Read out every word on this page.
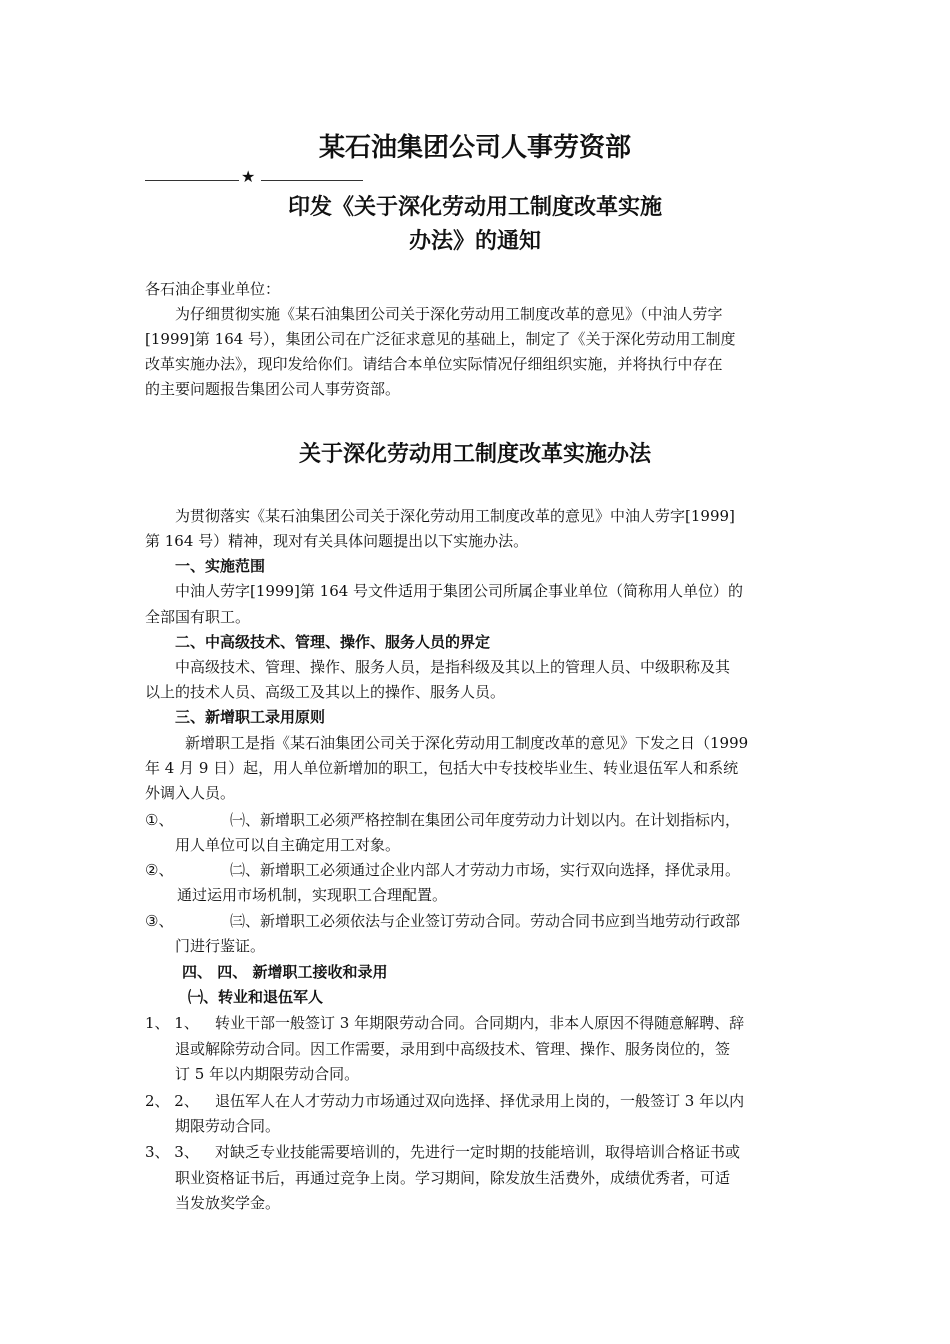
某石油集团公司人事劳资部
★
印发《关于深化劳动用工制度改革实施
办法》的通知
各石油企事业单位：
为仔细贯彻实施《某石油集团公司关于深化劳动用工制度改革的意见》（中油人劳字
[1999]第 164 号），集团公司在广泛征求意见的基础上，制定了《关于深化劳动用工制度
改革实施办法》，现印发给你们。请结合本单位实际情况仔细组织实施，并将执行中存在
的主要问题报告集团公司人事劳资部。
关于深化劳动用工制度改革实施办法
为贯彻落实《某石油集团公司关于深化劳动用工制度改革的意见》中油人劳字[1999]
第 164 号）精神，现对有关具体问题提出以下实施办法。
一、实施范围
中油人劳字[1999]第 164 号文件适用于集团公司所属企事业单位（简称用人单位）的
全部国有职工。
二、中高级技术、管理、操作、服务人员的界定
中高级技术、管理、操作、服务人员，是指科级及其以上的管理人员、中级职称及其
以上的技术人员、高级工及其以上的操作、服务人员。
三、新增职工录用原则
新增职工是指《某石油集团公司关于深化劳动用工制度改革的意见》下发之日（1999
年 4 月 9 日）起，用人单位新增加的职工，包括大中专技校毕业生、转业退伍军人和系统
外调入人员。
①、	㈠、新增职工必须严格控制在集团公司年度劳动力计划以内。在计划指标内，
用人单位可以自主确定用工对象。
②、	㈡、新增职工必须通过企业内部人才劳动力市场，实行双向选择，择优录用。
通过运用市场机制，实现职工合理配置。
③、	㈢、新增职工必须依法与企业签订劳动合同。劳动合同书应到当地劳动行政部
门进行鉴证。
四、 四、 新增职工接收和录用
㈠、转业和退伍军人
1、 1、 转业干部一般签订 3 年期限劳动合同。合同期内，非本人原因不得随意解聘、辞
退或解除劳动合同。因工作需要，录用到中高级技术、管理、操作、服务岗位的，签
订 5 年以内期限劳动合同。
2、 2、 退伍军人在人才劳动力市场通过双向选择、择优录用上岗的，一般签订 3 年以内
期限劳动合同。
3、 3、 对缺乏专业技能需要培训的，先进行一定时期的技能培训，取得培训合格证书或
职业资格证书后，再通过竞争上岗。学习期间，除发放生活费外，成绩优秀者，可适
当发放奖学金。
